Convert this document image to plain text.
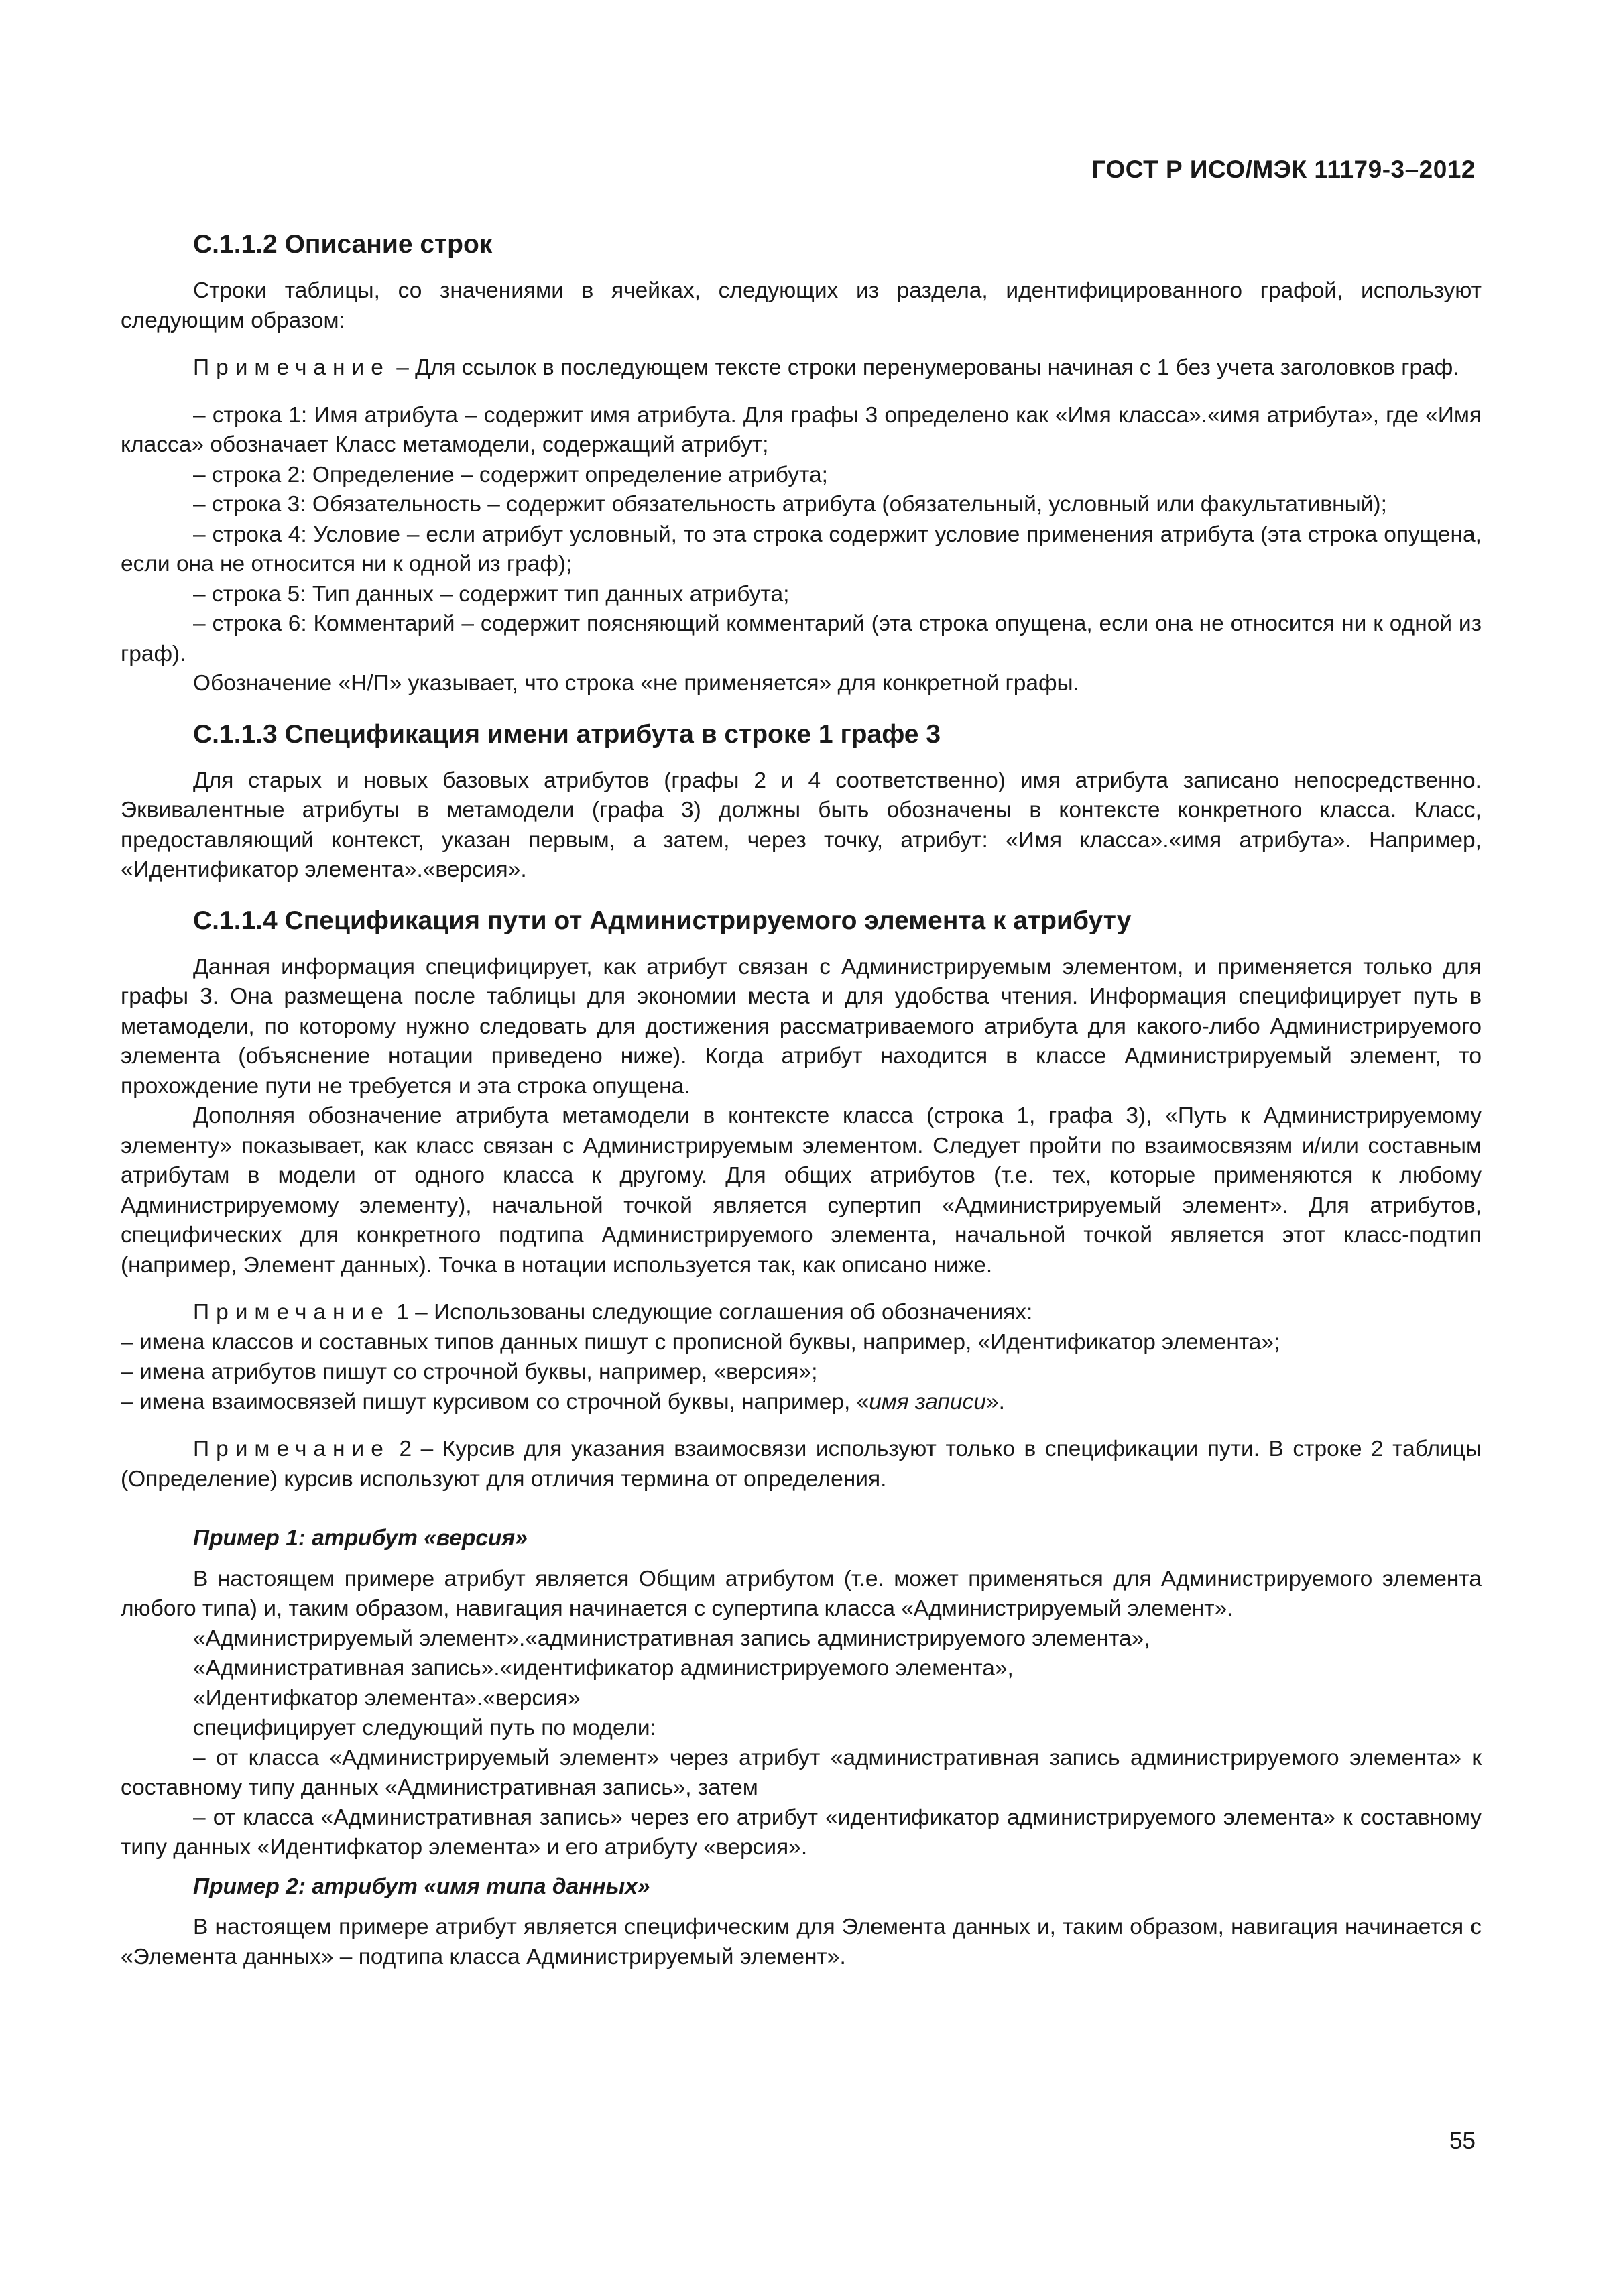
ГОСТ Р ИСО/МЭК 11179-3–2012
С.1.1.2 Описание строк

Строки таблицы, со значениями в ячейках, следующих из раздела, идентифицированного графой, используют следующим образом:

Примечание – Для ссылок в последующем тексте строки перенумерованы начиная с 1 без учета заголовков граф.

– строка 1: Имя атрибута – содержит имя атрибута. Для графы 3 определено как «Имя класса».«имя атрибута», где «Имя класса» обозначает Класс метамодели, содержащий атрибут;

– строка 2: Определение – содержит определение атрибута;

– строка 3: Обязательность – содержит обязательность атрибута (обязательный, условный или факультативный);

– строка 4: Условие – если атрибут условный, то эта строка содержит условие применения атрибута (эта строка опущена, если она не относится ни к одной из граф);

– строка 5: Тип данных – содержит тип данных атрибута;

– строка 6: Комментарий – содержит поясняющий комментарий (эта строка опущена, если она не относится ни к одной из граф).

Обозначение «Н/П» указывает, что строка «не применяется» для конкретной графы.

С.1.1.3 Спецификация имени атрибута в строке 1 графе 3

Для старых и новых базовых атрибутов (графы 2 и 4 соответственно) имя атрибута записано непосредственно. Эквивалентные атрибуты в метамодели (графа 3) должны быть обозначены в контексте конкретного класса. Класс, предоставляющий контекст, указан первым, а затем, через точку, атрибут: «Имя класса».«имя атрибута». Например, «Идентификатор элемента».«версия».

С.1.1.4 Спецификация пути от Администрируемого элемента к атрибуту

Данная информация специфицирует, как атрибут связан с Администрируемым элементом, и применяется только для графы 3. Она размещена после таблицы для экономии места и для удобства чтения. Информация специфицирует путь в метамодели, по которому нужно следовать для достижения рассматриваемого атрибута для какого-либо Администрируемого элемента (объяснение нотации приведено ниже). Когда атрибут находится в классе Администрируемый элемент, то прохождение пути не требуется и эта строка опущена.

Дополняя обозначение атрибута метамодели в контексте класса (строка 1, графа 3), «Путь к Администрируемому элементу» показывает, как класс связан с Администрируемым элементом. Следует пройти по взаимосвязям и/или составным атрибутам в модели от одного класса к другому. Для общих атрибутов (т.е. тех, которые применяются к любому Администрируемому элементу), начальной точкой является супертип «Администрируемый элемент». Для атрибутов, специфических для конкретного подтипа Администрируемого элемента, начальной точкой является этот класс-подтип (например, Элемент данных). Точка в нотации используется так, как описано ниже.

Примечание 1 – Использованы следующие соглашения об обозначениях:

– имена классов и составных типов данных пишут с прописной буквы, например, «Идентификатор элемента»;

– имена атрибутов пишут со строчной буквы, например, «версия»;

– имена взаимосвязей пишут курсивом со строчной буквы, например, «имя записи».

Примечание 2 – Курсив для указания взаимосвязи используют только в спецификации пути. В строке 2 таблицы (Определение) курсив используют для отличия термина от определения.

Пример 1: атрибут «версия»

В настоящем примере атрибут является Общим атрибутом (т.е. может применяться для Администрируемого элемента любого типа) и, таким образом, навигация начинается с супертипа класса «Администрируемый элемент».

«Администрируемый элемент».«административная запись администрируемого элемента»,

«Административная запись».«идентификатор администрируемого элемента»,

«Идентифкатор элемента».«версия»

специфицирует следующий путь по модели:

– от класса «Администрируемый элемент» через атрибут «административная запись администрируемого элемента» к составному типу данных «Административная запись», затем

– от класса «Административная запись» через его атрибут «идентификатор администрируемого элемента» к составному типу данных «Идентифкатор элемента» и его атрибуту «версия».

Пример 2: атрибут «имя типа данных»

В настоящем примере атрибут является специфическим для Элемента данных и, таким образом, навигация начинается с «Элемента данных» – подтипа класса Администрируемый элемент».

55
